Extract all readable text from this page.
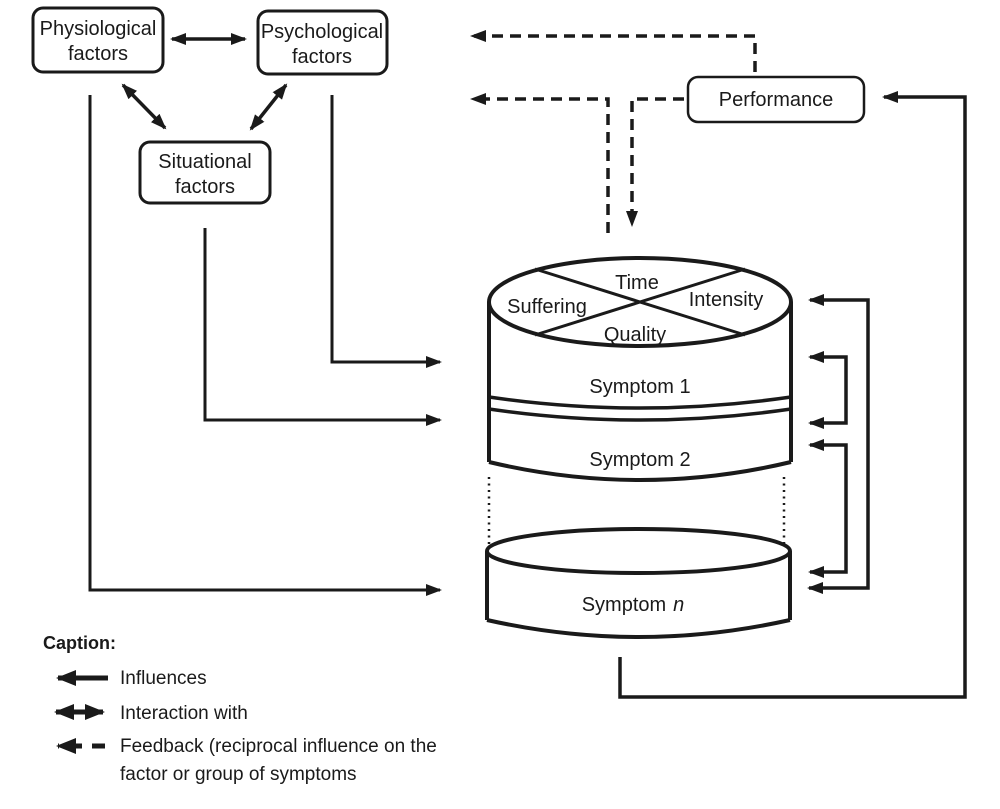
Time
Suffering	Intensity
Quality
Symptom 1
Symptom 2
Symptom n
Physiological factors
Psychological factors
Situational factors
Performance
Caption:
Influences
Interaction with
Feedback (reciprocal influence on the factor or group of symptoms
